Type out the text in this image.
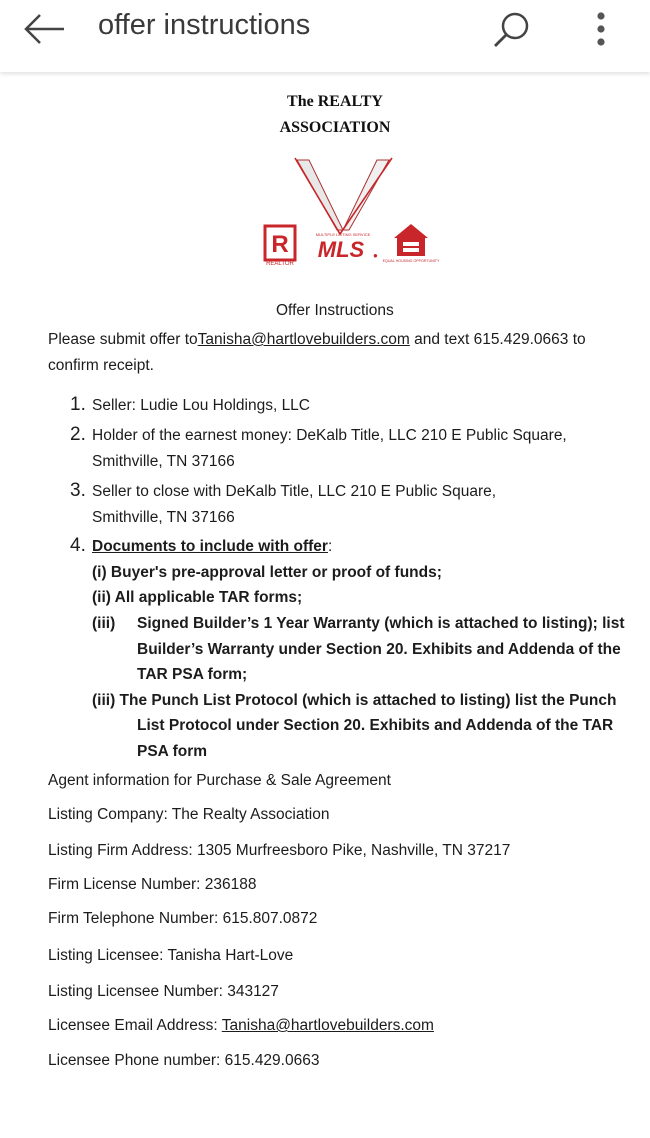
offer instructions
The REALTY
ASSOCIATION
R
REALTOR
MULTIPLE LISTING SERVICE
MLS ●
EQUAL HOUSING OPPORTUNITY
Offer Instructions
Please submit offer toTanisha@hartlovebuilders.com and text 615.429.0663 to
confirm receipt.
1. Seller: Ludie Lou Holdings, LLC
2. Holder of the earnest money: DeKalb Title, LLC 210 E Public Square,
Smithville, TN 37166
3. Seller to close with DeKalb Title, LLC 210 E Public Square,
Smithville, TN 37166
4. Documents to include with offer:
(i) Buyer's pre-approval letter or proof of funds;
(ii) All applicable TAR forms;
(iii) Signed Builder’s 1 Year Warranty (which is attached to listing); list
Builder’s Warranty under Section 20. Exhibits and Addenda of the
TAR PSA form;
(iii) The Punch List Protocol (which is attached to listing) list the Punch
List Protocol under Section 20. Exhibits and Addenda of the TAR
PSA form
Agent information for Purchase & Sale Agreement
Listing Company: The Realty Association
Listing Firm Address: 1305 Murfreesboro Pike, Nashville, TN 37217
Firm License Number: 236188
Firm Telephone Number: 615.807.0872
Listing Licensee: Tanisha Hart-Love
Listing Licensee Number: 343127
Licensee Email Address: Tanisha@hartlovebuilders.com
Licensee Phone number: 615.429.0663
